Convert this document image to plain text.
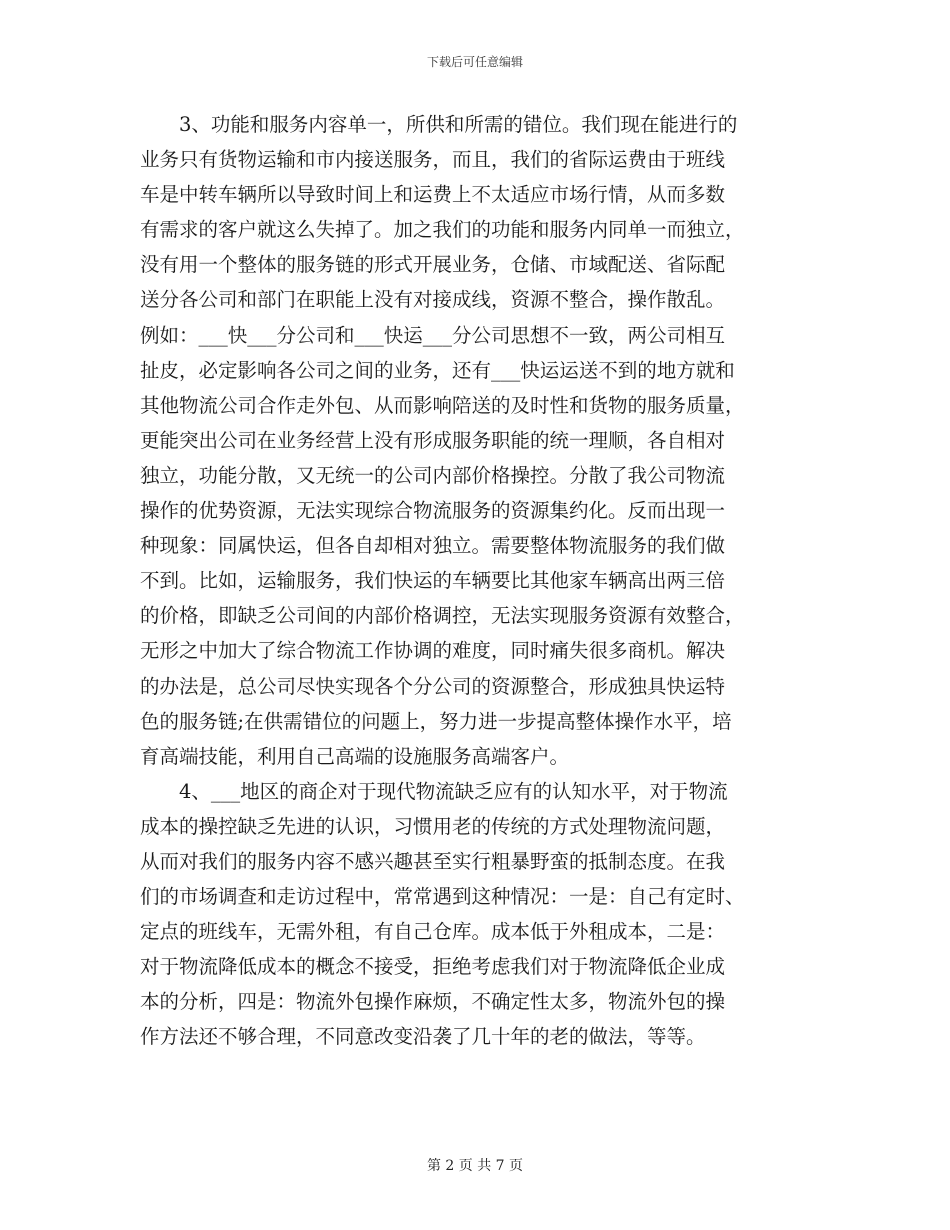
下载后可任意编辑
　　3、功能和服务内容单一，所供和所需的错位。我们现在能进行的
业务只有货物运输和市内接送服务，而且，我们的省际运费由于班线
车是中转车辆所以导致时间上和运费上不太适应市场行情，从而多数
有需求的客户就这么失掉了。加之我们的功能和服务内同单一而独立，
没有用一个整体的服务链的形式开展业务，仓储、市域配送、省际配
送分各公司和部门在职能上没有对接成线，资源不整合，操作散乱。
例如：___快___分公司和___快运___分公司思想不一致，两公司相互
扯皮，必定影响各公司之间的业务，还有___快运运送不到的地方就和
其他物流公司合作走外包、从而影响陪送的及时性和货物的服务质量，
更能突出公司在业务经营上没有形成服务职能的统一理顺，各自相对
独立，功能分散，又无统一的公司内部价格操控。分散了我公司物流
操作的优势资源，无法实现综合物流服务的资源集约化。反而出现一
种现象：同属快运，但各自却相对独立。需要整体物流服务的我们做
不到。比如，运输服务，我们快运的车辆要比其他家车辆高出两三倍
的价格，即缺乏公司间的内部价格调控，无法实现服务资源有效整合，
无形之中加大了综合物流工作协调的难度，同时痛失很多商机。解决
的办法是，总公司尽快实现各个分公司的资源整合，形成独具快运特
色的服务链;在供需错位的问题上，努力进一步提高整体操作水平，培
育高端技能，利用自己高端的设施服务高端客户。
　　4、___地区的商企对于现代物流缺乏应有的认知水平，对于物流
成本的操控缺乏先进的认识，习惯用老的传统的方式处理物流问题，
从而对我们的服务内容不感兴趣甚至实行粗暴野蛮的抵制态度。在我
们的市场调查和走访过程中，常常遇到这种情况：一是：自己有定时、
定点的班线车，无需外租，有自己仓库。成本低于外租成本，二是：
对于物流降低成本的概念不接受，拒绝考虑我们对于物流降低企业成
本的分析，四是：物流外包操作麻烦，不确定性太多，物流外包的操
作方法还不够合理，不同意改变沿袭了几十年的老的做法，等等。
第 2 页 共 7 页
